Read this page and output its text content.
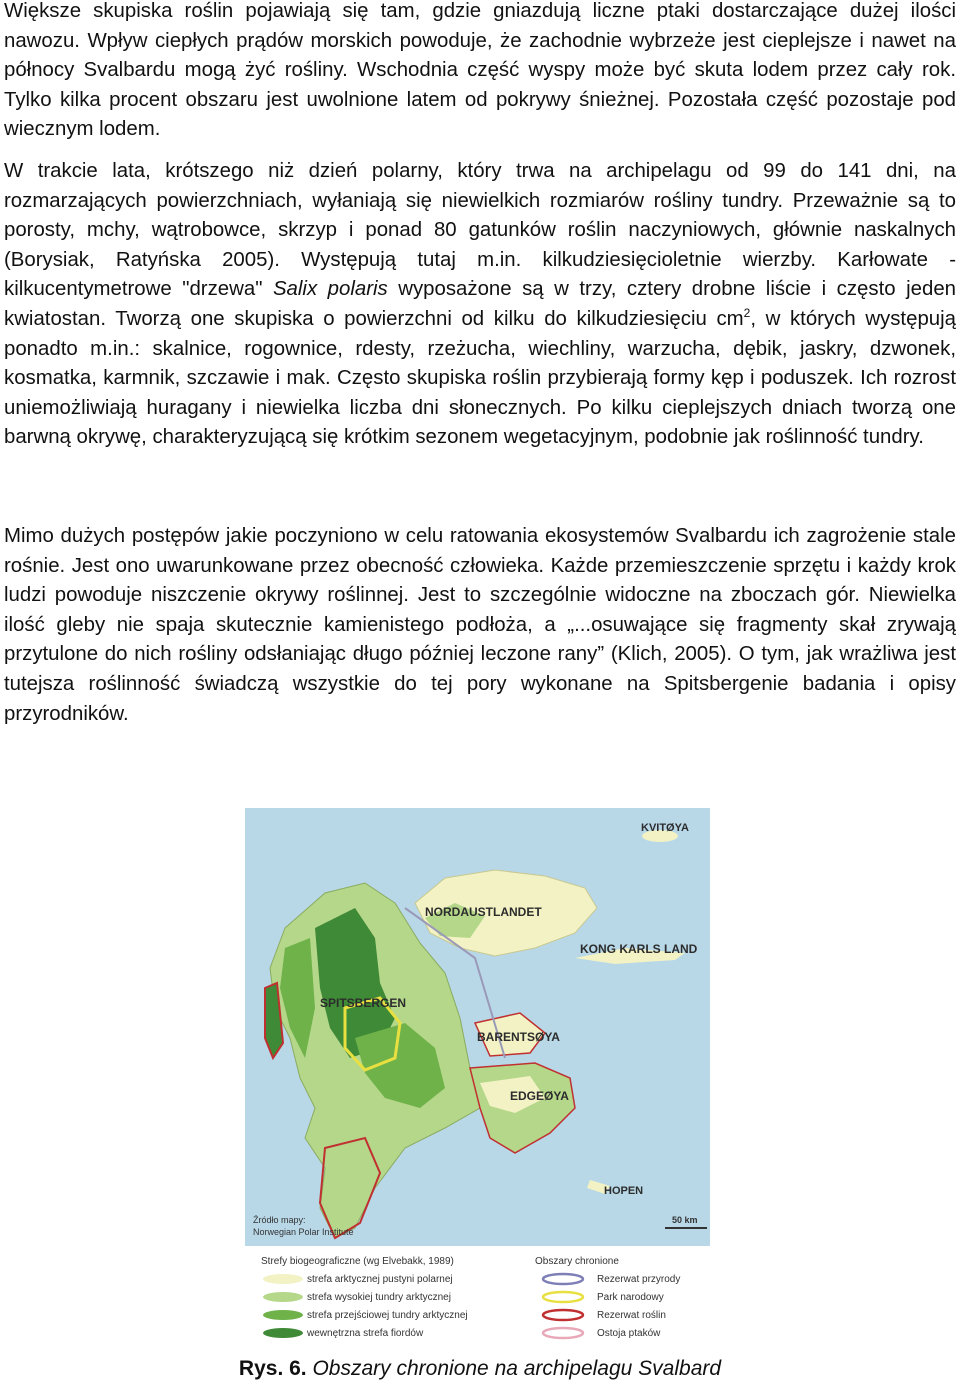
Większe skupiska roślin pojawiają się tam, gdzie gniazdują liczne ptaki dostarczające dużej ilości nawozu. Wpływ ciepłych prądów morskich powoduje, że zachodnie wybrzeże jest cieplejsze i nawet na północy Svalbardu mogą żyć rośliny. Wschodnia część wyspy może być skuta lodem przez cały rok. Tylko kilka procent obszaru jest uwolnione latem od pokrywy śnieżnej. Pozostała część pozostaje pod wiecznym lodem.

W trakcie lata, krótszego niż dzień polarny, który trwa na archipelagu od 99 do 141 dni, na rozmarzających powierzchniach, wyłaniają się niewielkich rozmiarów rośliny tundry. Przeważnie są to porosty, mchy, wątrobowce, skrzyp i ponad 80 gatunków roślin naczyniowych, głównie naskalnych (Borysiak, Ratyńska 2005). Występują tutaj m.in. kilkudziesięcioletnie wierzby. Karłowate - kilkucentymetrowe "drzewa" Salix polaris wyposażone są w trzy, cztery drobne liście i często jeden kwiatostan. Tworzą one skupiska o powierzchni od kilku do kilkudziesięciu $cm^2$, w których występują ponadto m.in.: skalnice, rogownice, rdesty, rzeżucha, wiechliny, warzucha, dębik, jaskry, dzwonek, kosmatka, karmnik, szczawie i mak. Często skupiska roślin przybierają formy kęp i poduszek. Ich rozrost uniemożliwiają huragany i niewielka liczba dni słonecznych. Po kilku cieplejszych dniach tworzą one barwną okrywę, charakteryzującą się krótkim sezonem wegetacyjnym, podobnie jak roślinność tundry.

Mimo dużych postępów jakie poczyniono w celu ratowania ekosystemów Svalbardu ich zagrożenie stale rośnie. Jest ono uwarunkowane przez obecność człowieka. Każde przemieszczenie sprzętu i każdy krok ludzi powoduje niszczenie okrywy roślinnej. Jest to szczególnie widoczne na zboczach gór. Niewielka ilość gleby nie spaja skutecznie kamienistego podłoża, a „...osuwające się fragmenty skał zrywają przytulone do nich rośliny odsłaniając długo później leczone rany” (Klich, 2005). O tym, jak wrażliwa jest tutejsza roślinność świadczą wszystkie do tej pory wykonane na Spitsbergenie badania i opisy przyrodników.

KVITØYA
NORDAUSTLANDET
KONG KARLS LAND
SPITSBERGEN
BARENTSØYA
EDGEØYA
HOPEN
Źródło mapy:
Norwegian Polar Institute
50 km
Strefy biogeograficzne (wg Elvebakk, 1989)	Obszary chronione
strefa arktycznej pustyni polarnej
strefa wysokiej tundry arktycznej
strefa przejściowej tundry arktycznej
wewnętrzna strefa fiordów
Rezerwat przyrody
Park narodowy
Rezerwat roślin
Ostoja ptaków
Rys. 6. Obszary chronione na archipelagu Svalbard
